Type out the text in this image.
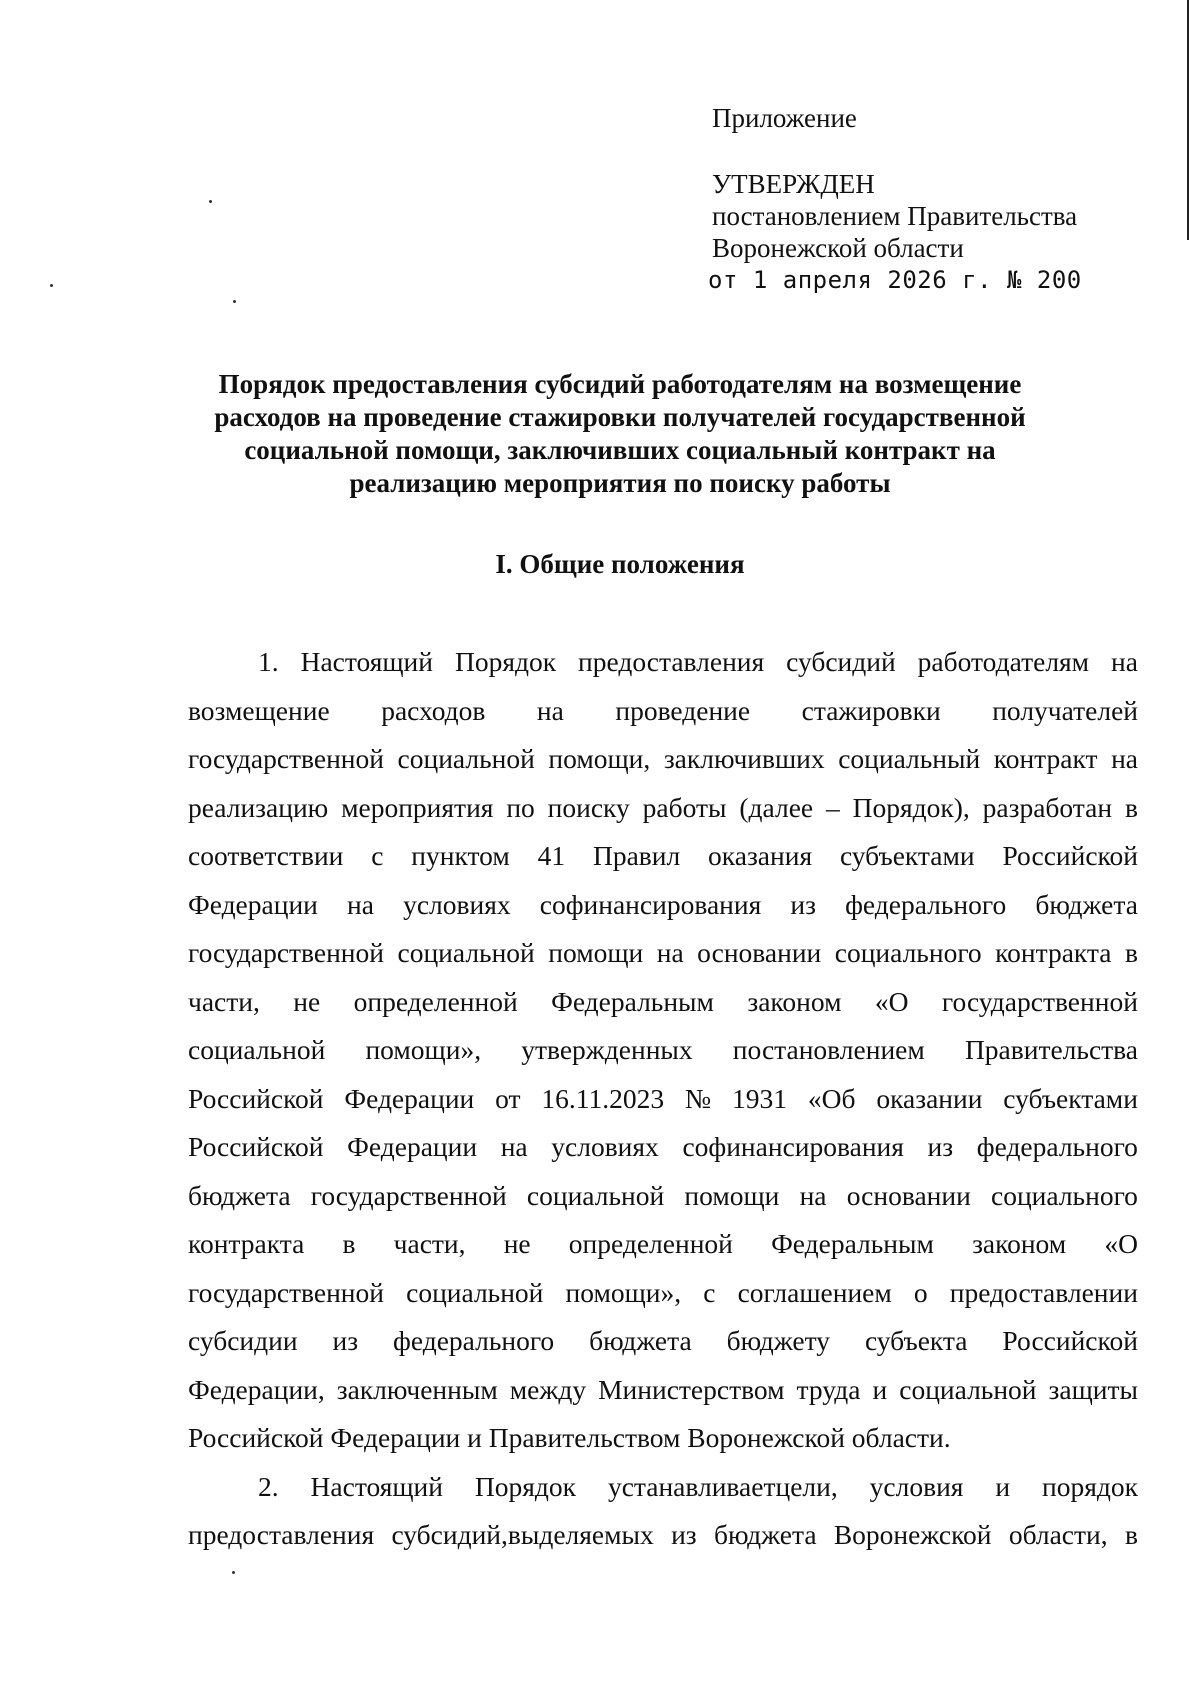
Приложение
УТВЕРЖДЕН
постановлением Правительства
Воронежской области
от 1 апреля 2026 г. № 200
Порядок предоставления субсидий работодателям на возмещение
расходов на проведение стажировки получателей государственной
социальной помощи, заключивших социальный контракт на
реализацию мероприятия по поиску работы
I. Общие положения
1. Настоящий Порядок предоставления субсидий работодателям на
возмещение расходов на проведение стажировки получателей
государственной социальной помощи, заключивших социальный контракт на
реализацию мероприятия по поиску работы (далее – Порядок), разработан в
соответствии с пунктом 41 Правил оказания субъектами Российской
Федерации на условиях софинансирования из федерального бюджета
государственной социальной помощи на основании социального контракта в
части, не определенной Федеральным законом «О государственной
социальной помощи», утвержденных постановлением Правительства
Российской Федерации от 16.11.2023 № 1931 «Об оказании субъектами
Российской Федерации на условиях софинансирования из федерального
бюджета государственной социальной помощи на основании социального
контракта в части, не определенной Федеральным законом «О
государственной социальной помощи», с соглашением о предоставлении
субсидии из федерального бюджета бюджету субъекта Российской
Федерации, заключенным между Министерством труда и социальной защиты
Российской Федерации и Правительством Воронежской области.
2. Настоящий Порядок устанавливаетцели, условия и порядок
предоставления субсидий,выделяемых из бюджета Воронежской области, в
